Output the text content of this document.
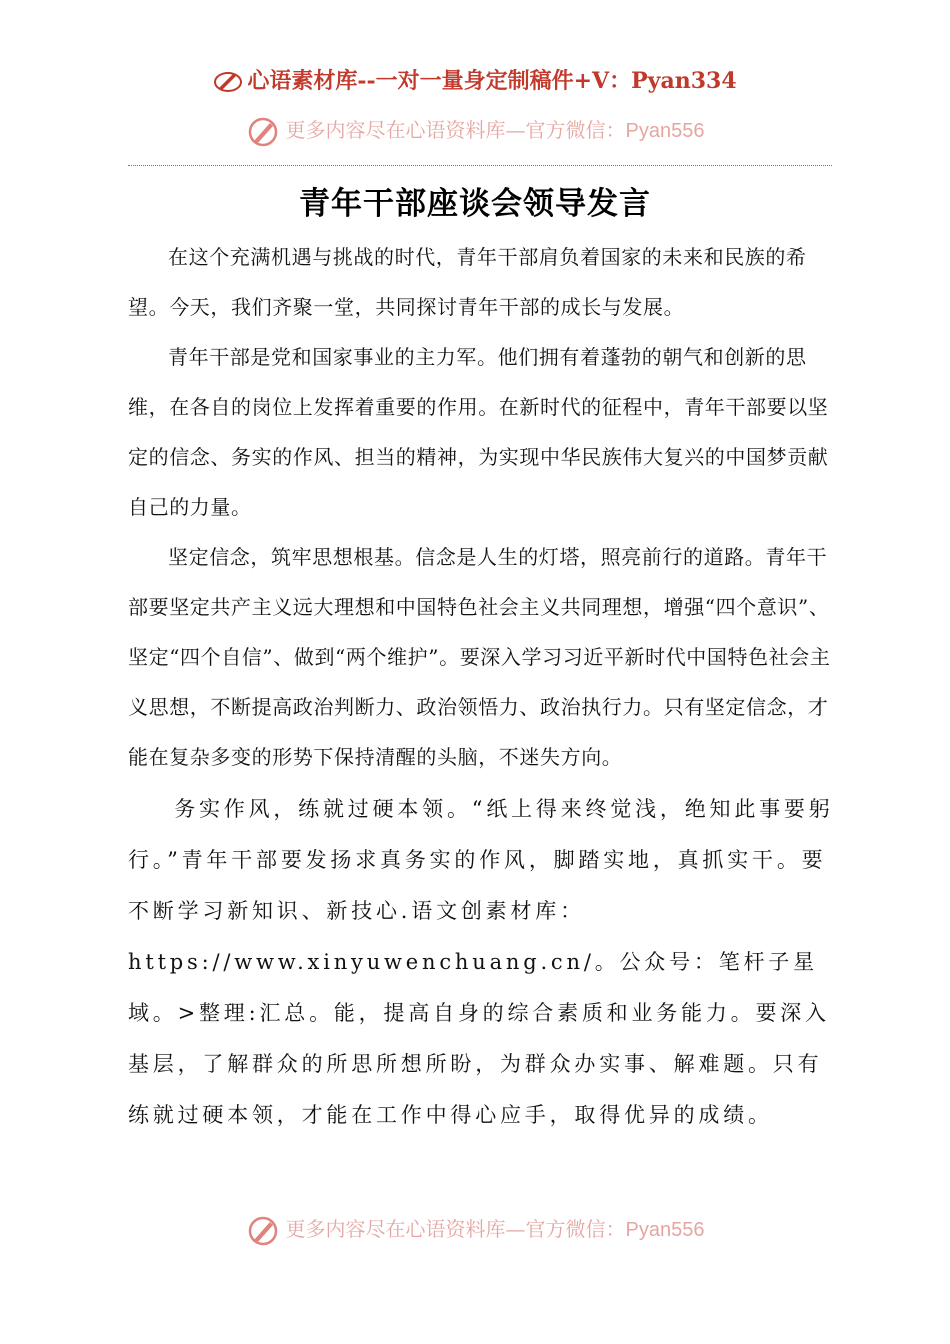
心语素材库--一对一量身定制稿件+V：Pyan334
更多内容尽在心语资料库—官方微信：Pyan556
青年干部座谈会领导发言

在这个充满机遇与挑战的时代，青年干部肩负着国家的未来和民族的希望。今天，我们齐聚一堂，共同探讨青年干部的成长与发展。

青年干部是党和国家事业的主力军。他们拥有着蓬勃的朝气和创新的思维，在各自的岗位上发挥着重要的作用。在新时代的征程中，青年干部要以坚定的信念、务实的作风、担当的精神，为实现中华民族伟大复兴的中国梦贡献自己的力量。

坚定信念，筑牢思想根基。信念是人生的灯塔，照亮前行的道路。青年干部要坚定共产主义远大理想和中国特色社会主义共同理想，增强“四个意识”、坚定“四个自信”、做到“两个维护”。要深入学习习近平新时代中国特色社会主义思想，不断提高政治判断力、政治领悟力、政治执行力。只有坚定信念，才能在复杂多变的形势下保持清醒的头脑，不迷失方向。

务实作风，练就过硬本领。“纸上得来终觉浅，绝知此事要躬行。”青年干部要发扬求真务实的作风，脚踏实地，真抓实干。要不断学习新知识、新技心.语文创素材库：https://www.xinyuwenchuang.cn/。公众号：笔杆子星域。>整理:汇总。能，提高自身的综合素质和业务能力。要深入基层，了解群众的所思所想所盼，为群众办实事、解难题。只有练就过硬本领，才能在工作中得心应手，取得优异的成绩。

更多内容尽在心语资料库—官方微信：Pyan556
